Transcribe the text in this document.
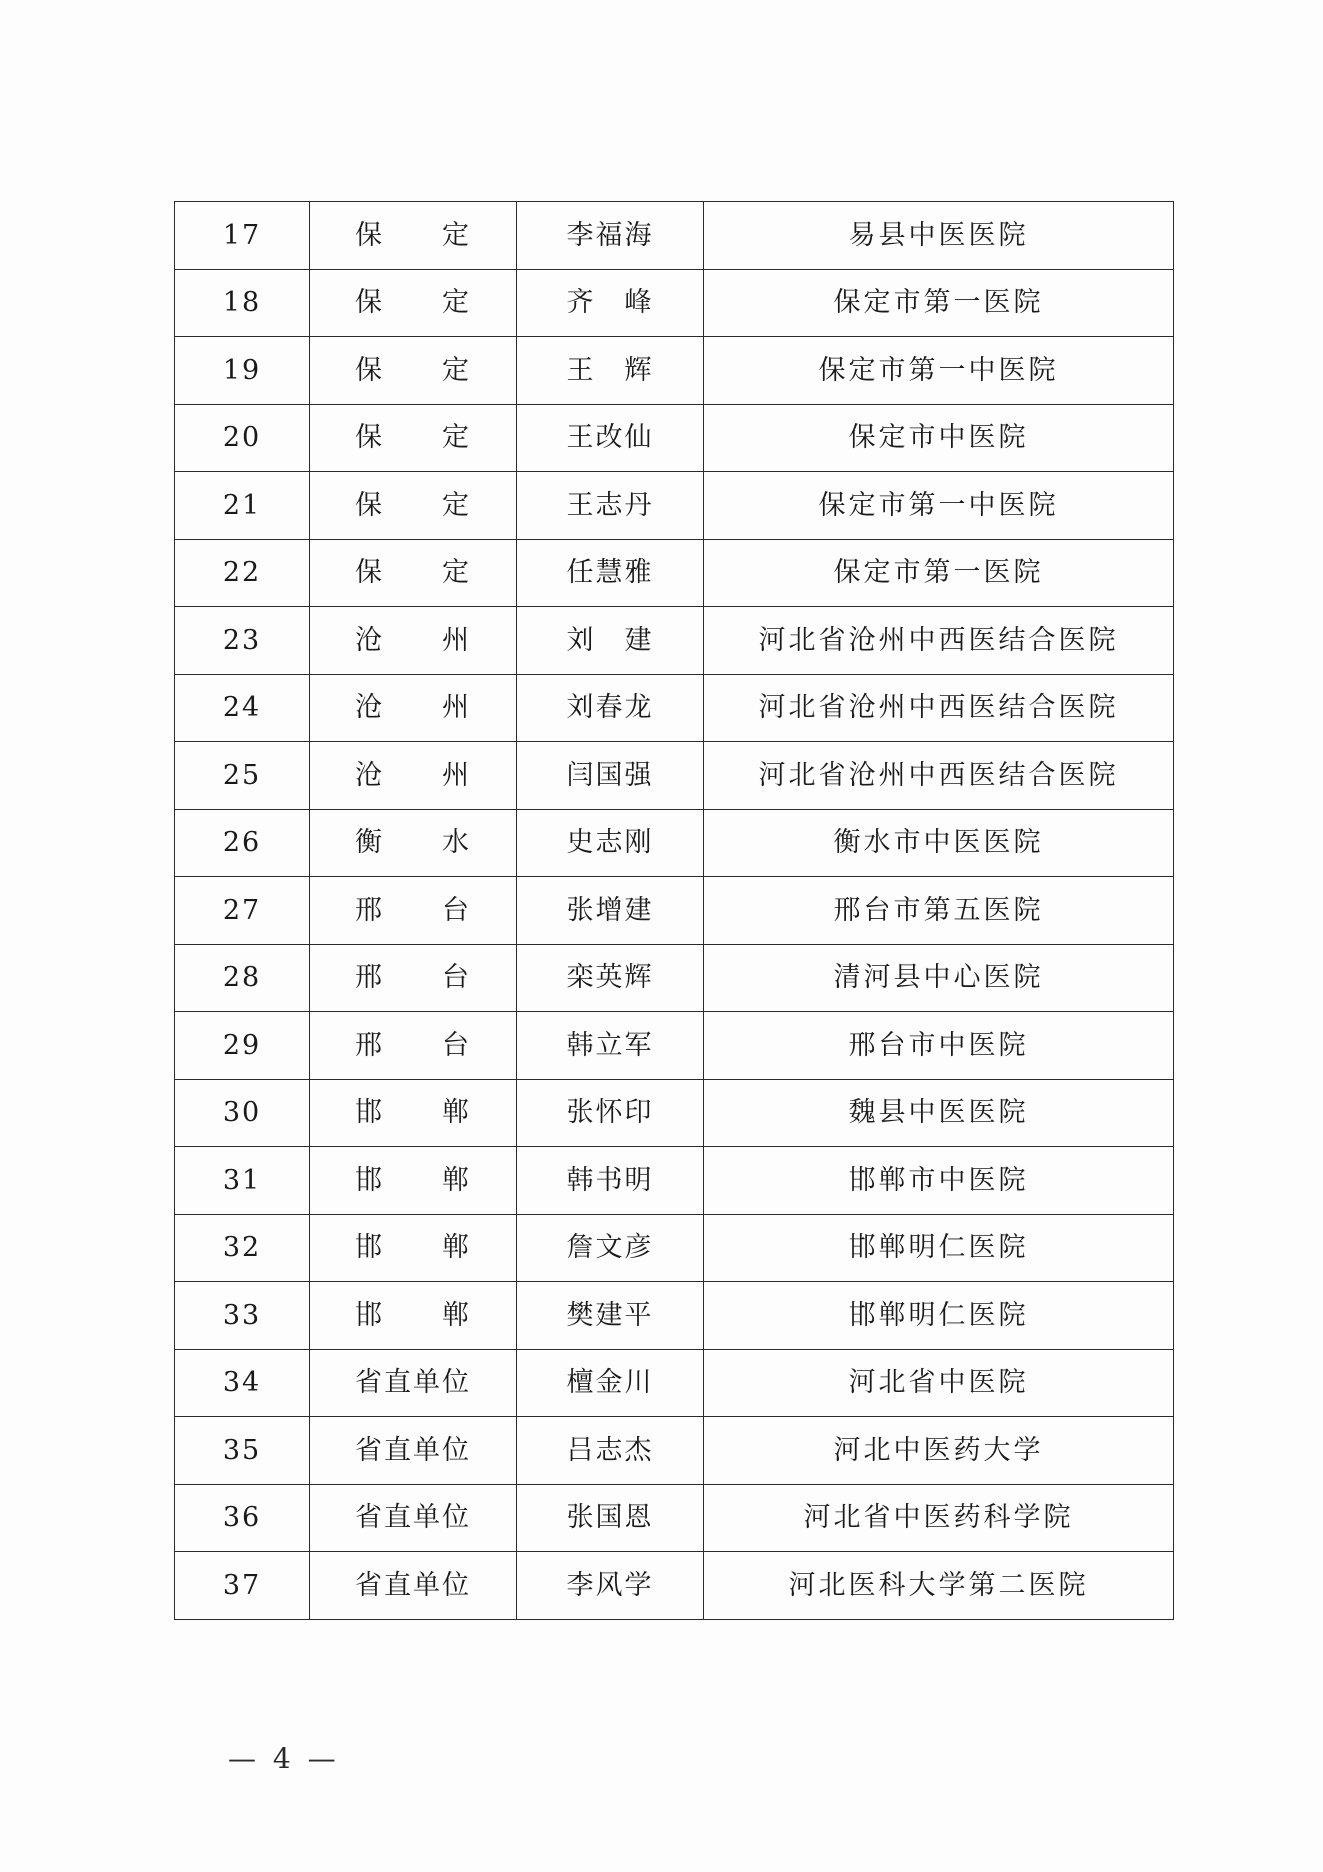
17	保　　定	李福海	易县中医医院
18	保　　定	齐　峰	保定市第一医院
19	保　　定	王　辉	保定市第一中医院
20	保　　定	王改仙	保定市中医院
21	保　　定	王志丹	保定市第一中医院
22	保　　定	任慧雅	保定市第一医院
23	沧　　州	刘　建	河北省沧州中西医结合医院
24	沧　　州	刘春龙	河北省沧州中西医结合医院
25	沧　　州	闫国强	河北省沧州中西医结合医院
26	衡　　水	史志刚	衡水市中医医院
27	邢　　台	张增建	邢台市第五医院
28	邢　　台	栾英辉	清河县中心医院
29	邢　　台	韩立军	邢台市中医院
30	邯　　郸	张怀印	魏县中医医院
31	邯　　郸	韩书明	邯郸市中医院
32	邯　　郸	詹文彦	邯郸明仁医院
33	邯　　郸	樊建平	邯郸明仁医院
34	省直单位	檀金川	河北省中医院
35	省直单位	吕志杰	河北中医药大学
36	省直单位	张国恩	河北省中医药科学院
37	省直单位	李风学	河北医科大学第二医院
— 4 —
